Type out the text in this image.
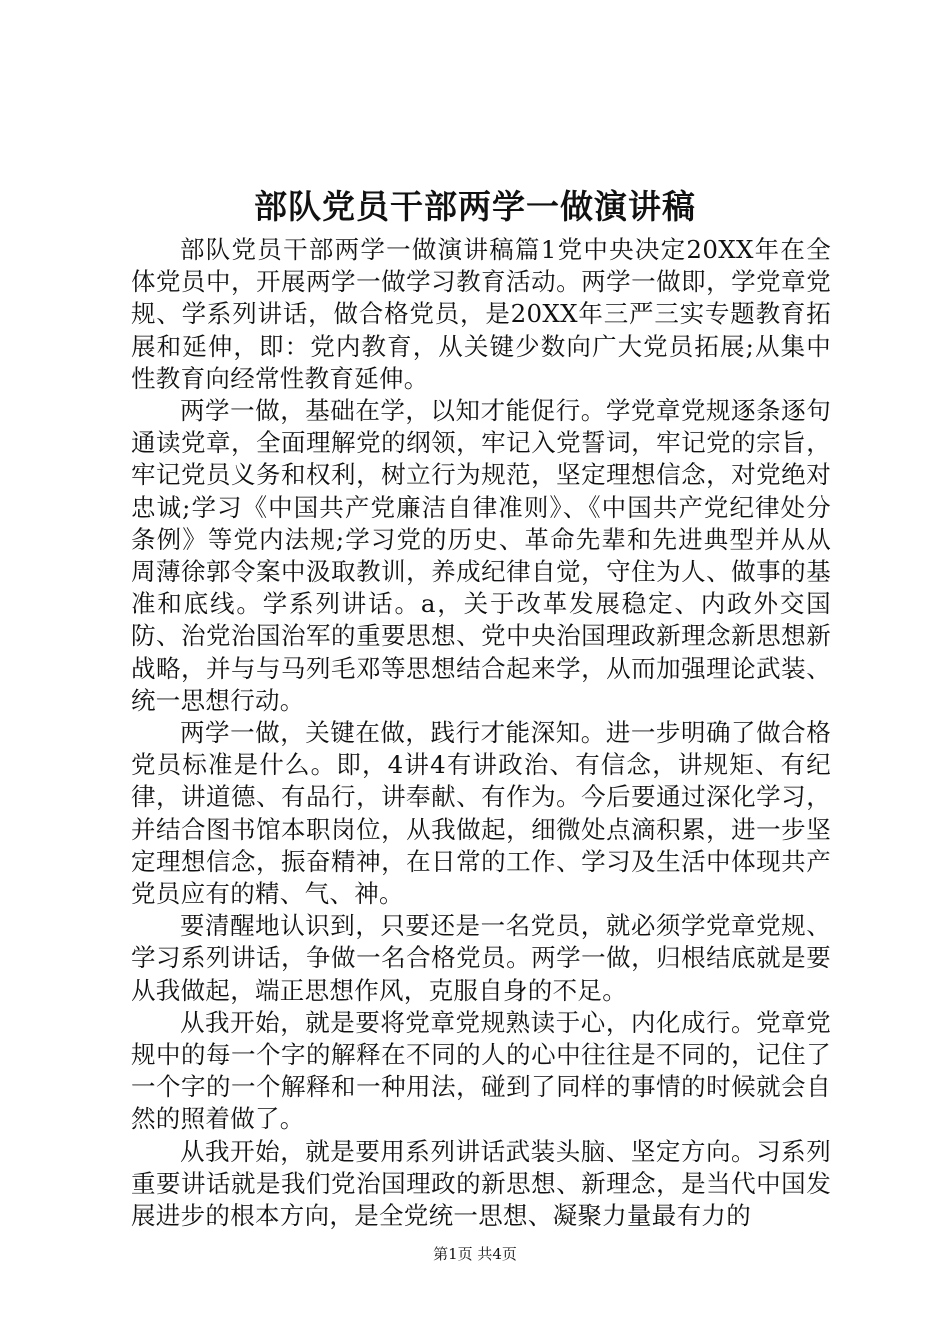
部队党员干部两学一做演讲稿

部队党员干部两学一做演讲稿篇1党中央决定20XX年在全体党员中，开展两学一做学习教育活动。两学一做即，学党章党规、学系列讲话，做合格党员，是20XX年三严三实专题教育拓展和延伸，即：党内教育，从关键少数向广大党员拓展;从集中性教育向经常性教育延伸。

两学一做，基础在学，以知才能促行。学党章党规逐条逐句通读党章，全面理解党的纲领，牢记入党誓词，牢记党的宗旨，牢记党员义务和权利，树立行为规范，坚定理想信念，对党绝对忠诚;学习《中国共产党廉洁自律准则》、《中国共产党纪律处分条例》等党内法规;学习党的历史、革命先辈和先进典型并从从周薄徐郭令案中汲取教训，养成纪律自觉，守住为人、做事的基准和底线。学系列讲话。a，关于改革发展稳定、内政外交国防、治党治国治军的重要思想、党中央治国理政新理念新思想新战略，并与与马列毛邓等思想结合起来学，从而加强理论武装、统一思想行动。

两学一做，关键在做，践行才能深知。进一步明确了做合格党员标准是什么。即，4讲4有讲政治、有信念，讲规矩、有纪律，讲道德、有品行，讲奉献、有作为。今后要通过深化学习，并结合图书馆本职岗位，从我做起，细微处点滴积累，进一步坚定理想信念，振奋精神，在日常的工作、学习及生活中体现共产党员应有的精、气、神。

要清醒地认识到，只要还是一名党员，就必须学党章党规、学习系列讲话，争做一名合格党员。两学一做，归根结底就是要从我做起，端正思想作风，克服自身的不足。

从我开始，就是要将党章党规熟读于心，内化成行。党章党规中的每一个字的解释在不同的人的心中往往是不同的，记住了一个字的一个解释和一种用法，碰到了同样的事情的时候就会自然的照着做了。

从我开始，就是要用系列讲话武装头脑、坚定方向。习系列重要讲话就是我们党治国理政的新思想、新理念，是当代中国发展进步的根本方向，是全党统一思想、凝聚力量最有力的

第1页 共4页
